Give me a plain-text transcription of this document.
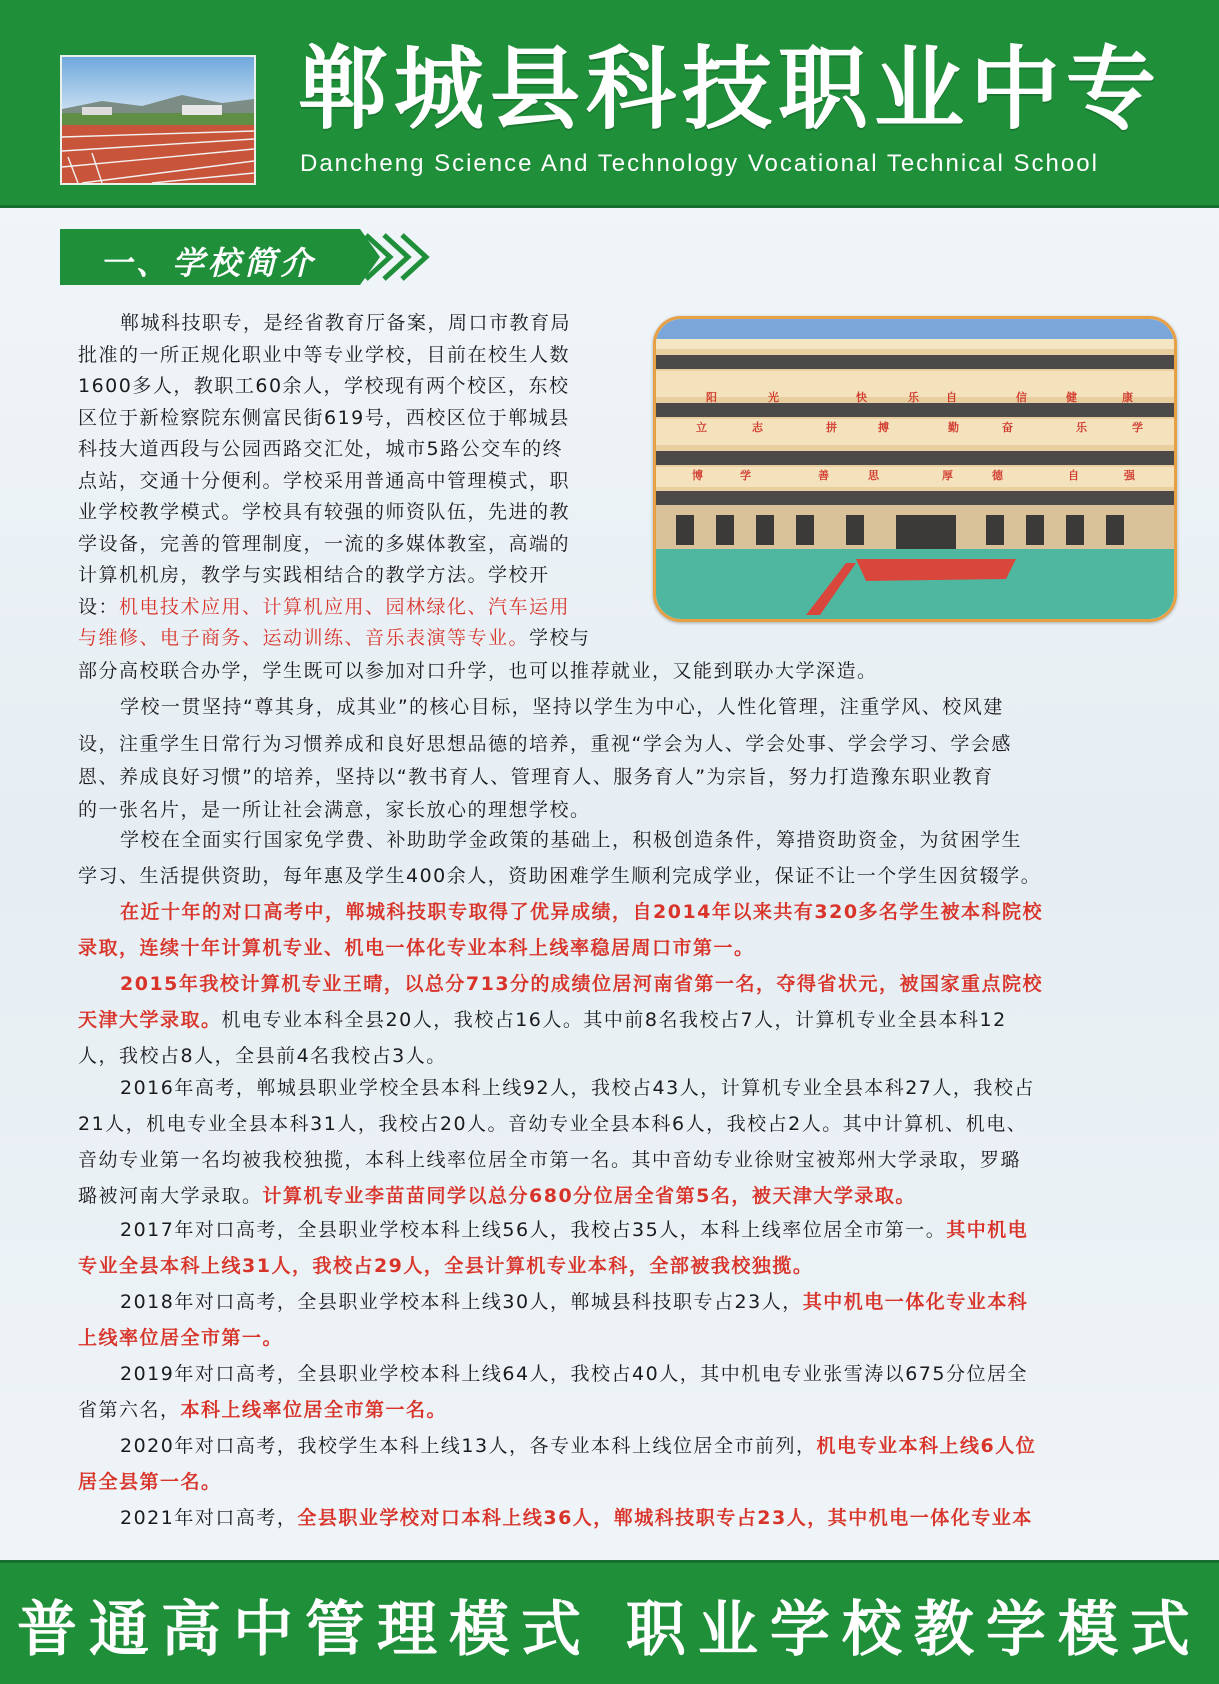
郸城县科技职业中专
Dancheng Science And Technology Vocational Technical School
一、学校简介
阳	光	快	乐 自	信	健	康
立	志	拼	搏	勤	奋	乐	学
博	学	善	思	厚	德	自	强
郸城科技职专，是经省教育厅备案，周口市教育局
批准的一所正规化职业中等专业学校，目前在校生人数
1600多人，教职工60余人，学校现有两个校区，东校
区位于新检察院东侧富民街619号，西校区位于郸城县
科技大道西段与公园西路交汇处，城市5路公交车的终
点站，交通十分便利。学校采用普通高中管理模式，职
业学校教学模式。学校具有较强的师资队伍，先进的教
学设备，完善的管理制度，一流的多媒体教室，高端的
计算机机房，教学与实践相结合的教学方法。学校开
设：机电技术应用、计算机应用、园林绿化、汽车运用
与维修、电子商务、运动训练、音乐表演等专业。学校与
部分高校联合办学，学生既可以参加对口升学，也可以推荐就业，又能到联办大学深造。
学校一贯坚持“尊其身，成其业”的核心目标，坚持以学生为中心，人性化管理，注重学风、校风建
设，注重学生日常行为习惯养成和良好思想品德的培养，重视“学会为人、学会处事、学会学习、学会感
恩、养成良好习惯”的培养，坚持以“教书育人、管理育人、服务育人”为宗旨，努力打造豫东职业教育
的一张名片，是一所让社会满意，家长放心的理想学校。
学校在全面实行国家免学费、补助助学金政策的基础上，积极创造条件，筹措资助资金，为贫困学生
学习、生活提供资助，每年惠及学生400余人，资助困难学生顺利完成学业，保证不让一个学生因贫辍学。
在近十年的对口高考中，郸城科技职专取得了优异成绩，自2014年以来共有320多名学生被本科院校
录取，连续十年计算机专业、机电一体化专业本科上线率稳居周口市第一。
2015年我校计算机专业王晴，以总分713分的成绩位居河南省第一名，夺得省状元，被国家重点院校
天津大学录取。机电专业本科全县20人，我校占16人。其中前8名我校占7人，计算机专业全县本科12
人，我校占8人，全县前4名我校占3人。
2016年高考，郸城县职业学校全县本科上线92人，我校占43人，计算机专业全县本科27人，我校占
21人，机电专业全县本科31人，我校占20人。音幼专业全县本科6人，我校占2人。其中计算机、机电、
音幼专业第一名均被我校独揽，本科上线率位居全市第一名。其中音幼专业徐财宝被郑州大学录取，罗璐
璐被河南大学录取。计算机专业李苗苗同学以总分680分位居全省第5名，被天津大学录取。
2017年对口高考，全县职业学校本科上线56人，我校占35人，本科上线率位居全市第一。其中机电
专业全县本科上线31人，我校占29人，全县计算机专业本科，全部被我校独揽。
2018年对口高考，全县职业学校本科上线30人，郸城县科技职专占23人，其中机电一体化专业本科
上线率位居全市第一。
2019年对口高考，全县职业学校本科上线64人，我校占40人，其中机电专业张雪涛以675分位居全
省第六名，本科上线率位居全市第一名。
2020年对口高考，我校学生本科上线13人，各专业本科上线位居全市前列，机电专业本科上线6人位
居全县第一名。
2021年对口高考，全县职业学校对口本科上线36人，郸城科技职专占23人，其中机电一体化专业本
普通高中管理模式 职业学校教学模式
